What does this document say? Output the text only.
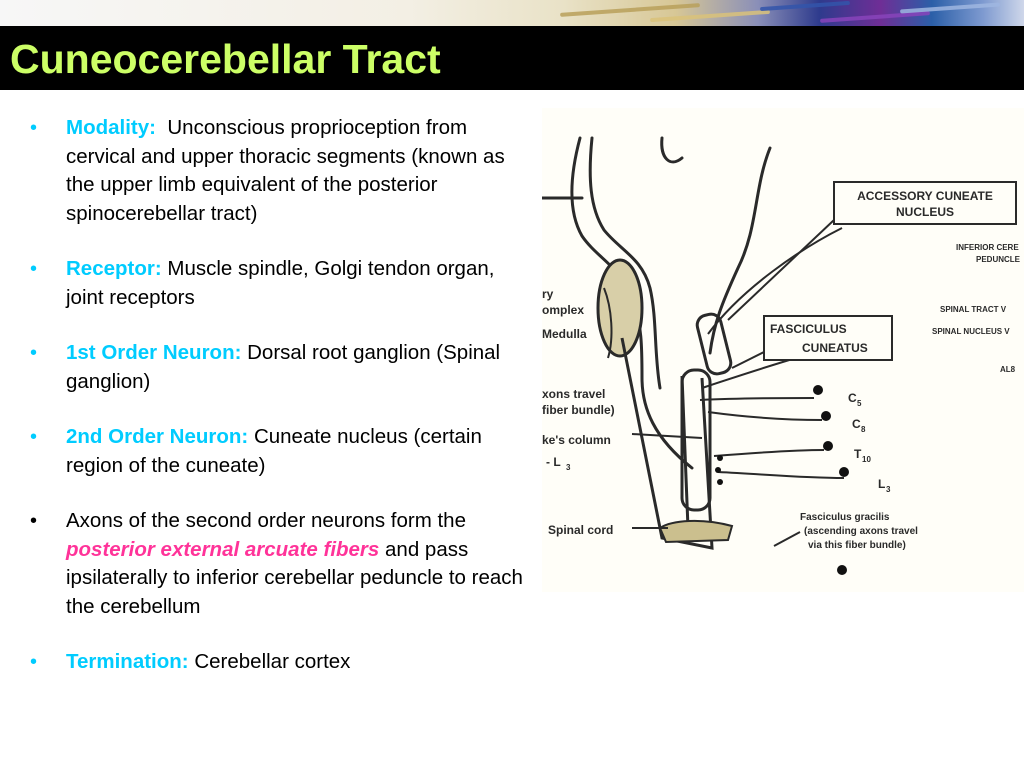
Cuneocerebellar Tract
•	Modality: Unconscious proprioception from cervical and upper thoracic segments (known as the upper limb equivalent of the posterior spinocerebellar tract)
•	Receptor: Muscle spindle, Golgi tendon organ, joint receptors
•	1st Order Neuron: Dorsal root ganglion (Spinal ganglion)
•	2nd Order Neuron: Cuneate nucleus (certain region of the cuneate)
•	Axons of the second order neurons form the posterior external arcuate fibers and pass ipsilaterally to inferior cerebellar peduncle to reach the cerebellum
•	Termination: Cerebellar cortex
ACCESSORY CUNEATE
NUCLEUS
INFERIOR CERE
PEDUNCLE
SPINAL TRACT V
SPINAL NUCLEUS V
AL8
FASCICULUS
CUNEATUS
ry
omplex
Medulla
xons travel
fiber bundle)
ke's column
- L 3
Spinal cord
C 5
C 8
T 10
L 3
Fasciculus gracilis
(ascending axons travel
via this fiber bundle)
